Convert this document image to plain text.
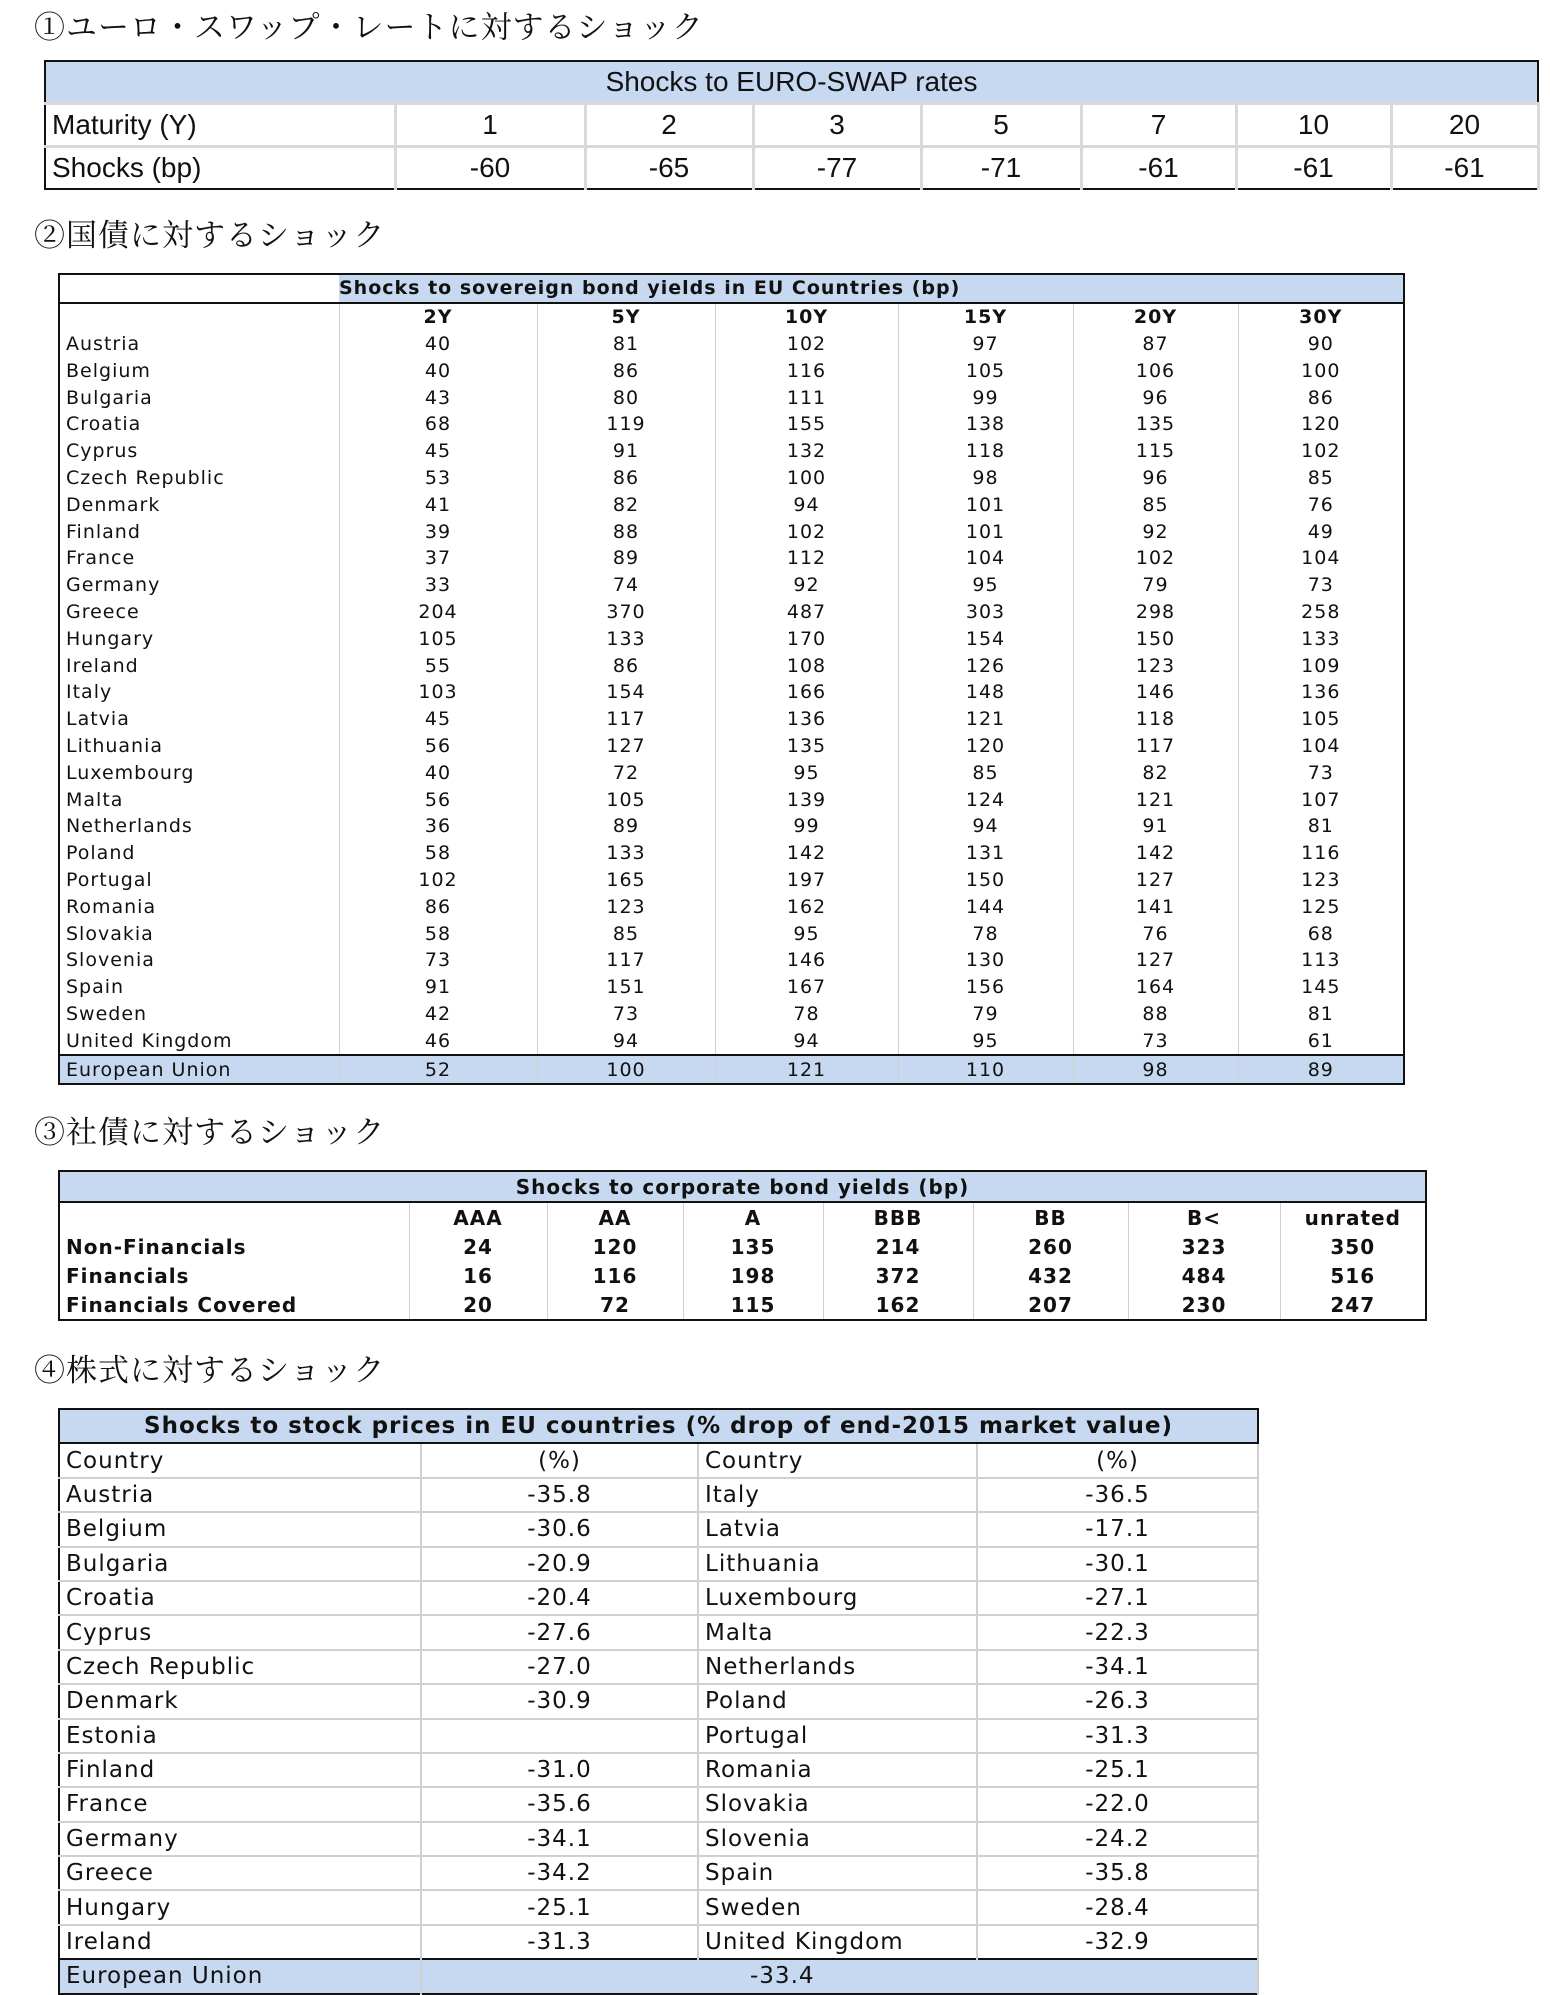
①ユーロ・スワップ・レートに対するショック
Shocks to EURO-SWAP rates							
Maturity (Y)	1	2	3	5	7	10	20
Shocks (bp)	-60	-65	-77	-71	-61	-61	-61
②国債に対するショック
	Shocks to sovereign bond yields in EU Countries (bp)					
	2Y	5Y	10Y	15Y	20Y	30Y
Austria	40	81	102	97	87	90
Belgium	40	86	116	105	106	100
Bulgaria	43	80	111	99	96	86
Croatia	68	119	155	138	135	120
Cyprus	45	91	132	118	115	102
Czech Republic	53	86	100	98	96	85
Denmark	41	82	94	101	85	76
Finland	39	88	102	101	92	49
France	37	89	112	104	102	104
Germany	33	74	92	95	79	73
Greece	204	370	487	303	298	258
Hungary	105	133	170	154	150	133
Ireland	55	86	108	126	123	109
Italy	103	154	166	148	146	136
Latvia	45	117	136	121	118	105
Lithuania	56	127	135	120	117	104
Luxembourg	40	72	95	85	82	73
Malta	56	105	139	124	121	107
Netherlands	36	89	99	94	91	81
Poland	58	133	142	131	142	116
Portugal	102	165	197	150	127	123
Romania	86	123	162	144	141	125
Slovakia	58	85	95	78	76	68
Slovenia	73	117	146	130	127	113
Spain	91	151	167	156	164	145
Sweden	42	73	78	79	88	81
United Kingdom	46	94	94	95	73	61
European Union	52	100	121	110	98	89
③社債に対するショック
Shocks to corporate bond yields (bp)							
	AAA	AA	A	BBB	BB	B<	unrated
Non-Financials	24	120	135	214	260	323	350
Financials	16	116	198	372	432	484	516
Financials Covered	20	72	115	162	207	230	247
④株式に対するショック
Shocks to stock prices in EU countries (% drop of end-2015 market value)			
Country	(%)	Country	(%)
Austria	-35.8	Italy	-36.5
Belgium	-30.6	Latvia	-17.1
Bulgaria	-20.9	Lithuania	-30.1
Croatia	-20.4	Luxembourg	-27.1
Cyprus	-27.6	Malta	-22.3
Czech Republic	-27.0	Netherlands	-34.1
Denmark	-30.9	Poland	-26.3
Estonia		Portugal	-31.3
Finland	-31.0	Romania	-25.1
France	-35.6	Slovakia	-22.0
Germany	-34.1	Slovenia	-24.2
Greece	-34.2	Spain	-35.8
Hungary	-25.1	Sweden	-28.4
Ireland	-31.3	United Kingdom	-32.9
European Union	-33.4		
